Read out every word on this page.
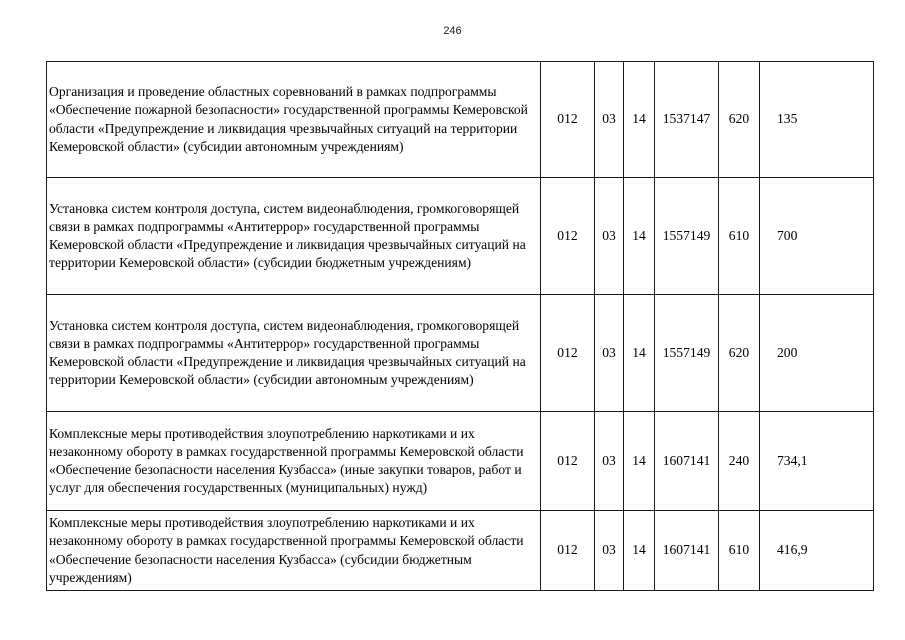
246
Организация и проведение областных соревнований в рамках подпрограммы «Обеспечение пожарной безопасности» государственной программы Кемеровской области «Предупреждение и ликвидация чрезвычайных ситуаций на территории Кемеровской области» (субсидии автономным учреждениям)	012	03	14	1537147	620	135
Установка систем контроля доступа, систем видеонаблюдения, громкоговорящей связи в рамках подпрограммы «Антитеррор» государственной программы Кемеровской области «Предупреждение и ликвидация чрезвычайных ситуаций на территории Кемеровской области» (субсидии бюджетным учреждениям)	012	03	14	1557149	610	700
Установка систем контроля доступа, систем видеонаблюдения, громкоговорящей связи в рамках подпрограммы «Антитеррор» государственной программы Кемеровской области «Предупреждение и ликвидация чрезвычайных ситуаций на территории Кемеровской области» (субсидии автономным учреждениям)	012	03	14	1557149	620	200
Комплексные меры противодействия злоупотреблению наркотиками и их незаконному обороту в рамках государственной программы Кемеровской области «Обеспечение безопасности населения Кузбасса» (иные закупки товаров, работ и услуг для обеспечения государственных (муниципальных) нужд)	012	03	14	1607141	240	734,1
Комплексные меры противодействия злоупотреблению наркотиками и их незаконному обороту в рамках государственной программы Кемеровской области «Обеспечение безопасности населения Кузбасса» (субсидии бюджетным учреждениям)	012	03	14	1607141	610	416,9
